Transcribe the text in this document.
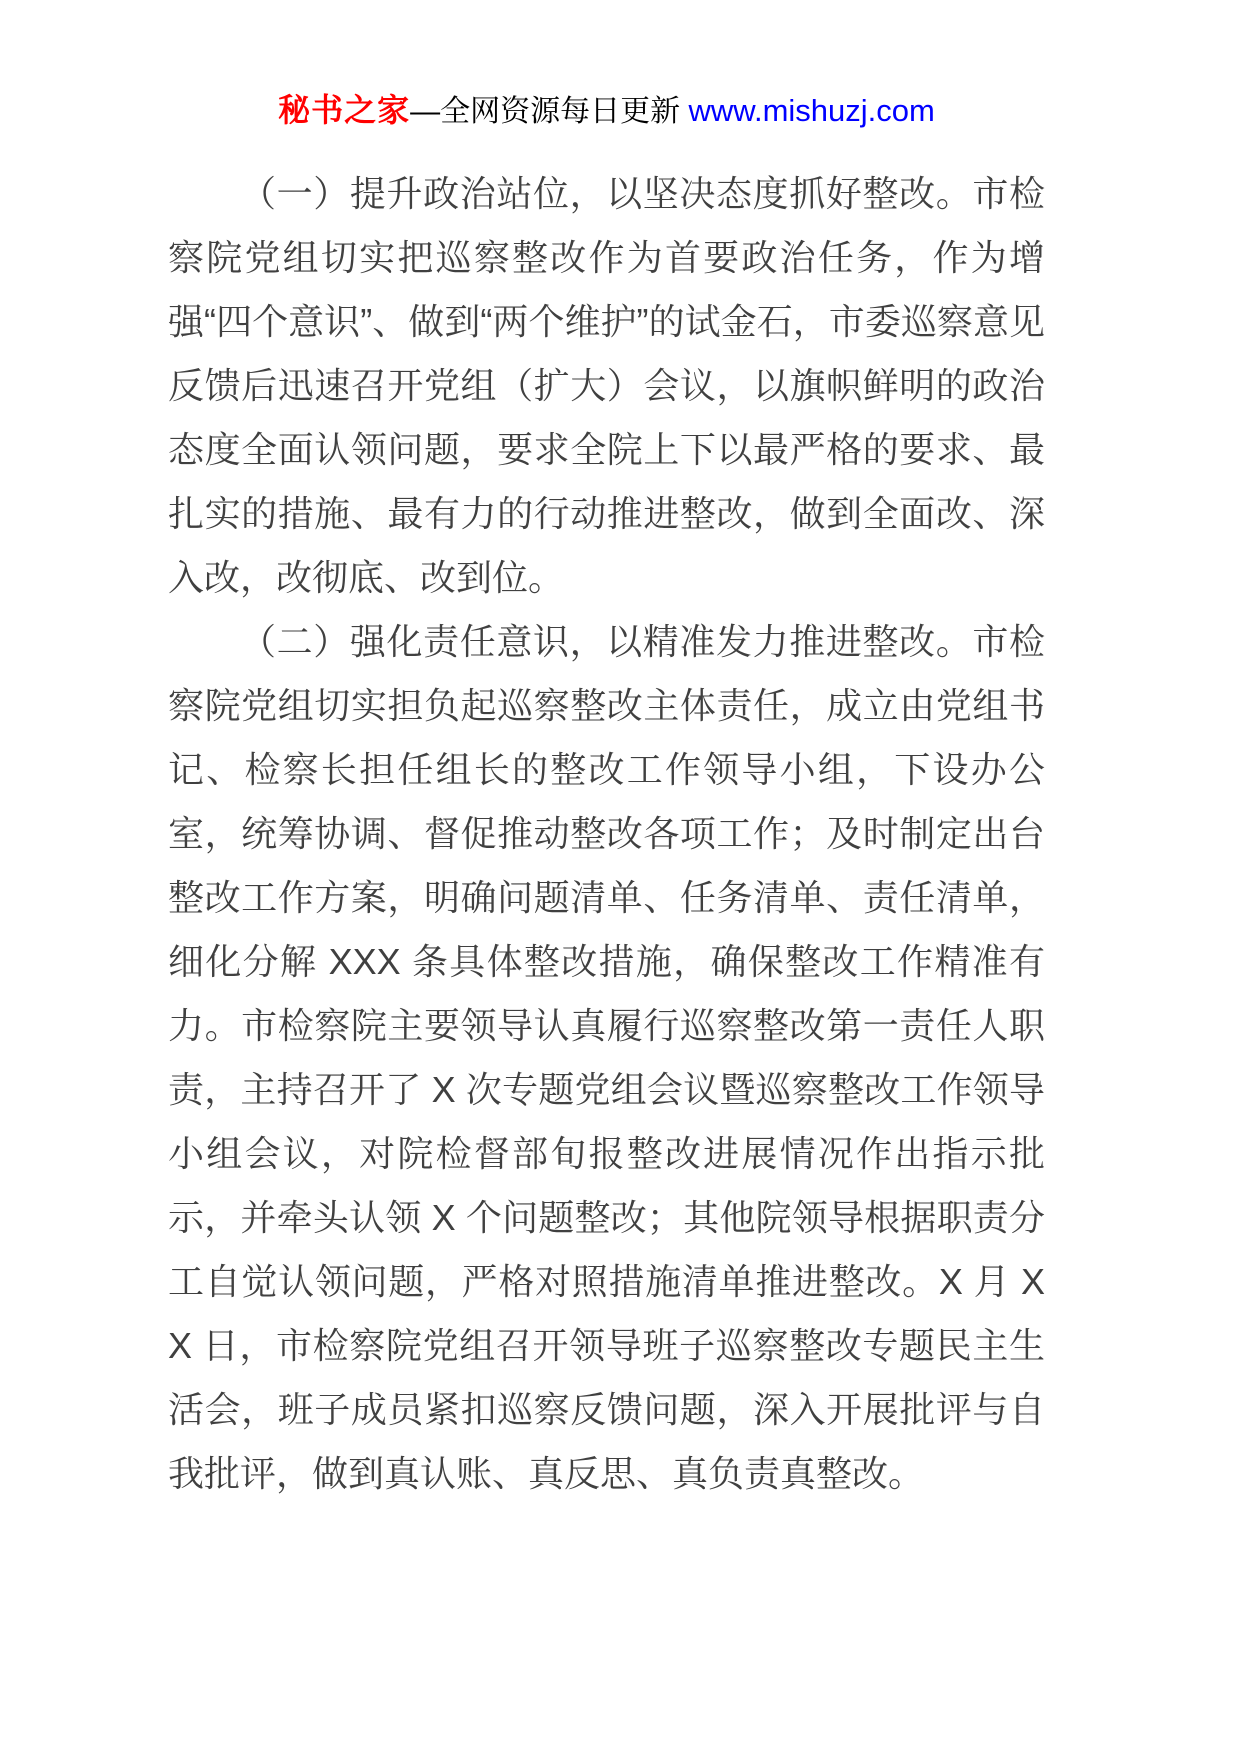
秘书之家—全网资源每日更新 www.mishuzj.com

（一）提升政治站位，以坚决态度抓好整改。市检察院党组切实把巡察整改作为首要政治任务，作为增强“四个意识”、做到“两个维护”的试金石，市委巡察意见反馈后迅速召开党组（扩大）会议，以旗帜鲜明的政治态度全面认领问题，要求全院上下以最严格的要求、最扎实的措施、最有力的行动推进整改，做到全面改、深入改，改彻底、改到位。

（二）强化责任意识，以精准发力推进整改。市检察院党组切实担负起巡察整改主体责任，成立由党组书记、检察长担任组长的整改工作领导小组，下设办公室，统筹协调、督促推动整改各项工作；及时制定出台整改工作方案，明确问题清单、任务清单、责任清单，细化分解 XXX 条具体整改措施，确保整改工作精准有力。市检察院主要领导认真履行巡察整改第一责任人职责，主持召开了 X 次专题党组会议暨巡察整改工作领导小组会议，对院检督部旬报整改进展情况作出指示批示，并牵头认领 X 个问题整改；其他院领导根据职责分工自觉认领问题，严格对照措施清单推进整改。X 月 XX 日，市检察院党组召开领导班子巡察整改专题民主生活会，班子成员紧扣巡察反馈问题，深入开展批评与自我批评，做到真认账、真反思、真负责真整改。
